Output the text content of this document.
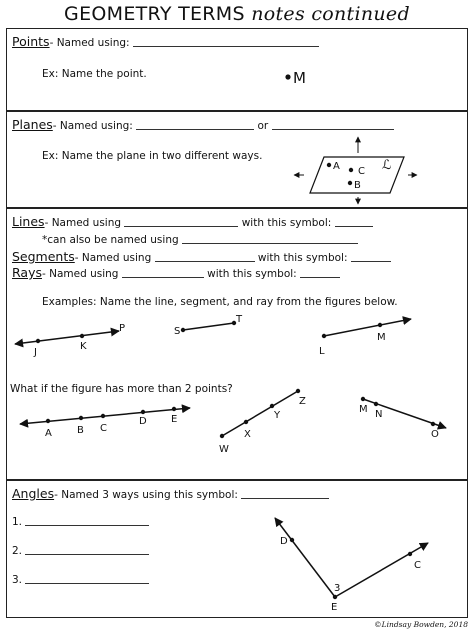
GEOMETRY TERMS notes continued
Points- Named using:
Ex: Name the point.	M
Planes- Named using:	or
Ex: Name the plane in two different ways.
A C
B
ℒ
Lines- Named using	with this symbol:
*can also be named using
Segments- Named using	with this symbol:
Rays- Named using	with this symbol:
Examples: Name the line, segment, and ray from the figures below.
J
K
P	S
T
L
M
What if the figure has more than 2 points?
A	B C
D E
W
X
Y
Z
M N
O
Angles- Named 3 ways using this symbol:
1.
2.
3.
D
C
E
3
©Lindsay Bowden, 2018
